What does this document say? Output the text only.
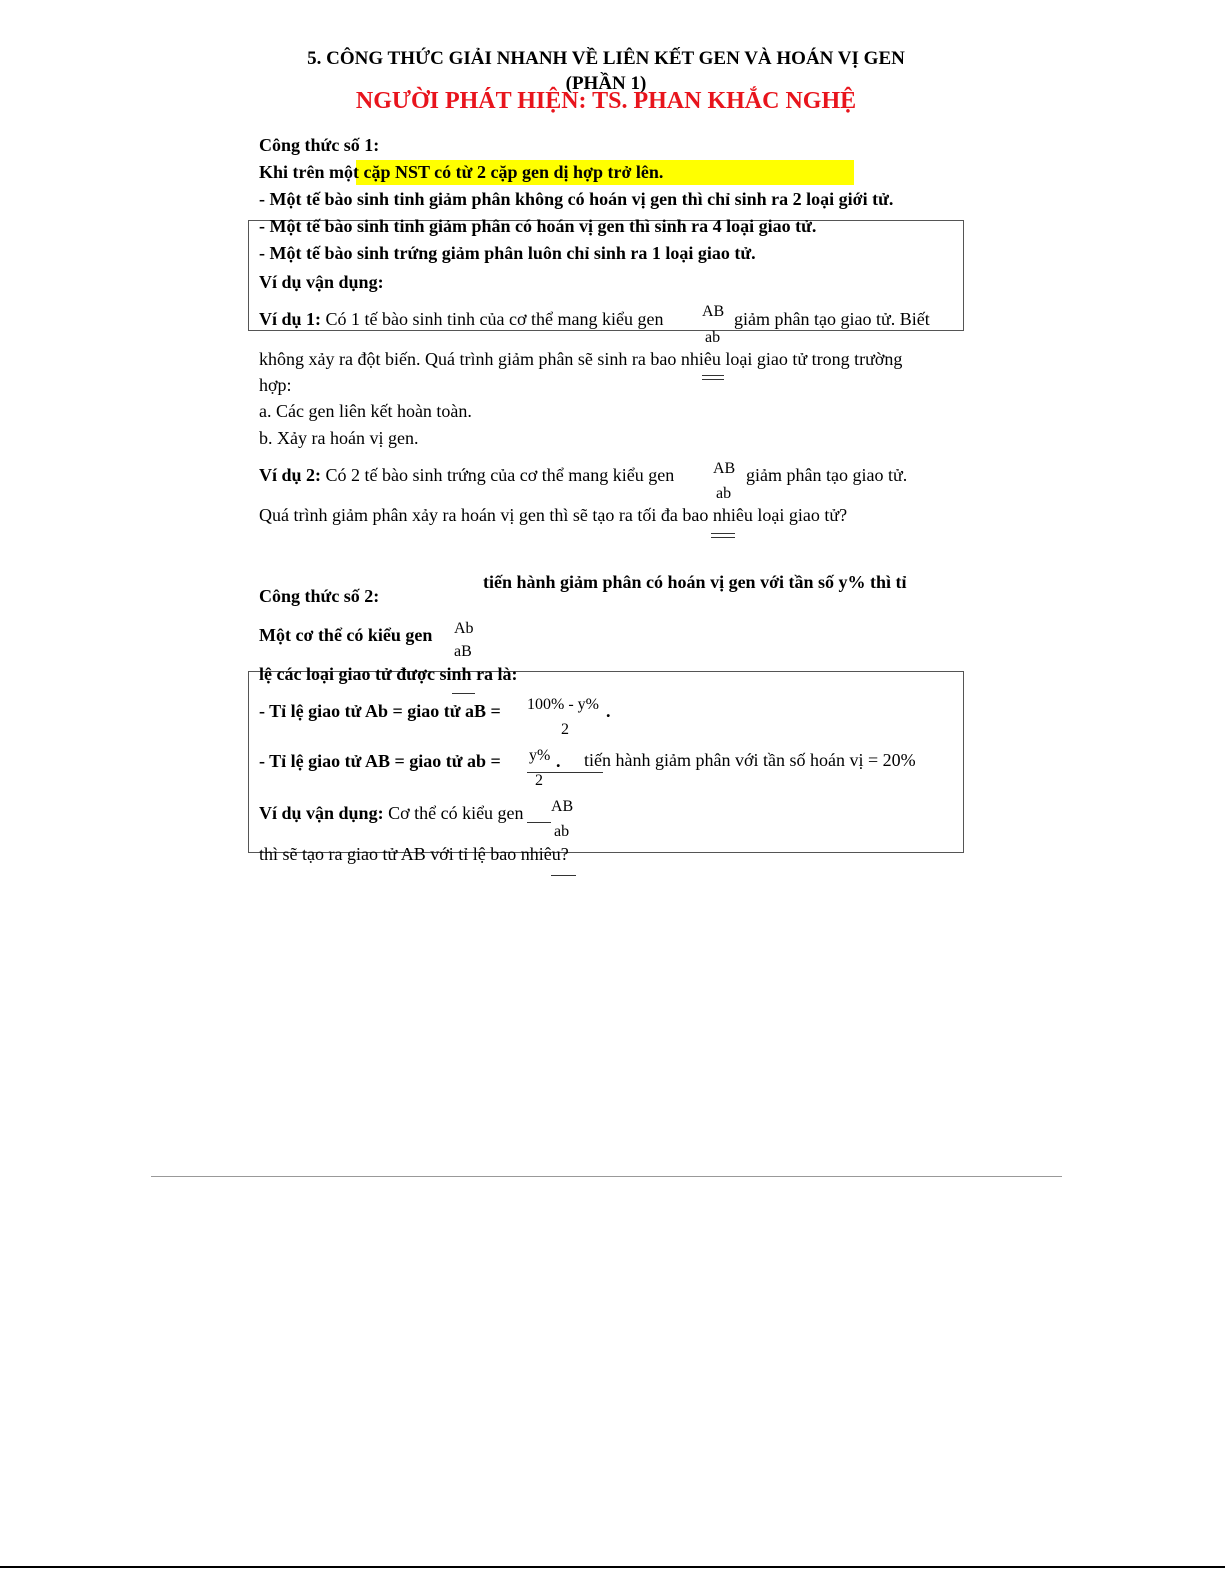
5. CÔNG THỨC GIẢI NHANH VỀ LIÊN KẾT GEN VÀ HOÁN VỊ GEN
(PHẦN 1)
NGƯỜI PHÁT HIỆN: TS. PHAN KHẮC NGHỆ
Công thức số 1:
Khi trên một cặp NST có từ 2 cặp gen dị hợp trở lên.
- Một tế bào sinh tinh giảm phân không có hoán vị gen thì chỉ sinh ra 2 loại giới tử.
- Một tế bào sinh tinh giảm phân có hoán vị gen thì sinh ra 4 loại giao tử.
- Một tế bào sinh trứng giảm phân luôn chỉ sinh ra 1 loại giao tử.
Ví dụ vận dụng:
Ví dụ 1: Có 1 tế bào sinh tinh của cơ thể mang kiểu gen AB
ab
giảm phân tạo giao tử. Biết
không xảy ra đột biến. Quá trình giảm phân sẽ sinh ra bao nhiêu loại giao tử trong trường
hợp:
a. Các gen liên kết hoàn toàn.
b. Xảy ra hoán vị gen.
Ví dụ 2: Có 2 tế bào sinh trứng của cơ thể mang kiểu gen AB
ab
giảm phân tạo giao tử.
Quá trình giảm phân xảy ra hoán vị gen thì sẽ tạo ra tối đa bao nhiêu loại giao tử?
tiến hành giảm phân có hoán vị gen với tần số y% thì tỉ
Công thức số 2:
Một cơ thể có kiểu gen Ab
aB
lệ các loại giao tử được sinh ra là:
- Tỉ lệ giao tử Ab = giao tử aB = 100% - y% .
2
- Tỉ lệ giao tử AB = giao tử ab = y% .
2
tiến hành giảm phân với tần số hoán vị = 20%
Ví dụ vận dụng: Cơ thể có kiểu gen AB
ab
thì sẽ tạo ra giao tử AB với tỉ lệ bao nhiêu?
